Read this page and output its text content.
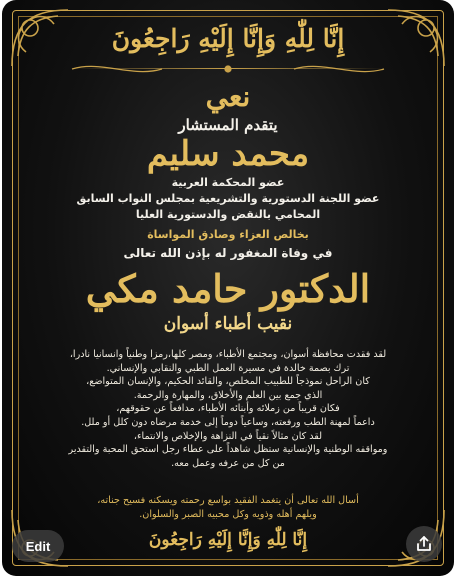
إِنَّا لِلّٰهِ وَإِنَّا إِلَيْهِ رَاجِعُونَ
نعي
يتقدم المستشار
محمد سليم
عضو المحكمة العربية
عضو اللجنة الدستورية والتشريعية بمجلس النواب السابق
المحامي بالنقض والدستورية العليا
بخالص العزاء وصادق المواساة
في وفاة المغفور له بإذن الله تعالى
الدكتور حامد مكي
نقيب أطباء أسوان

لقد فقدت محافظة أسوان، ومجتمع الأطباء، ومصر كلها،رمزا وطنياً وانسانيا نادرا،

ترك بصمة خالدة في مسيرة العمل الطبي والنقابي والإنساني.

كان الراحل نموذجاً للطبيب المخلص، والقائد الحكيم، والإنسان المتواضع،

الذي جمع بين العلم والأخلاق، والمهارة والرحمة.

فكان قريباً من زملائه وأبنائه الأطباء، مدافعاً عن حقوقهم،

داعماً لمهنة الطب ورفعته، وساعياً دوماً إلى خدمة مرضاه دون كلل أو ملل.

لقد كان مثالاً نقياً في النزاهة والإخلاص والانتماء،

ومواقفه الوطنية والإنسانية ستظل شاهداً على عطاء رجل استحق المحبة والتقدير

من كل من عرفه وعمل معه.

أسال الله تعالى أن يتغمد الفقيد بواسع رحمته ويسكنه فسيح جناته،

ويلهم أهله وذويه وكل محبيه الصبر والسلوان.

إِنَّا لِلّٰهِ وَإِنَّا إِلَيْهِ رَاجِعُونَ
Edit
